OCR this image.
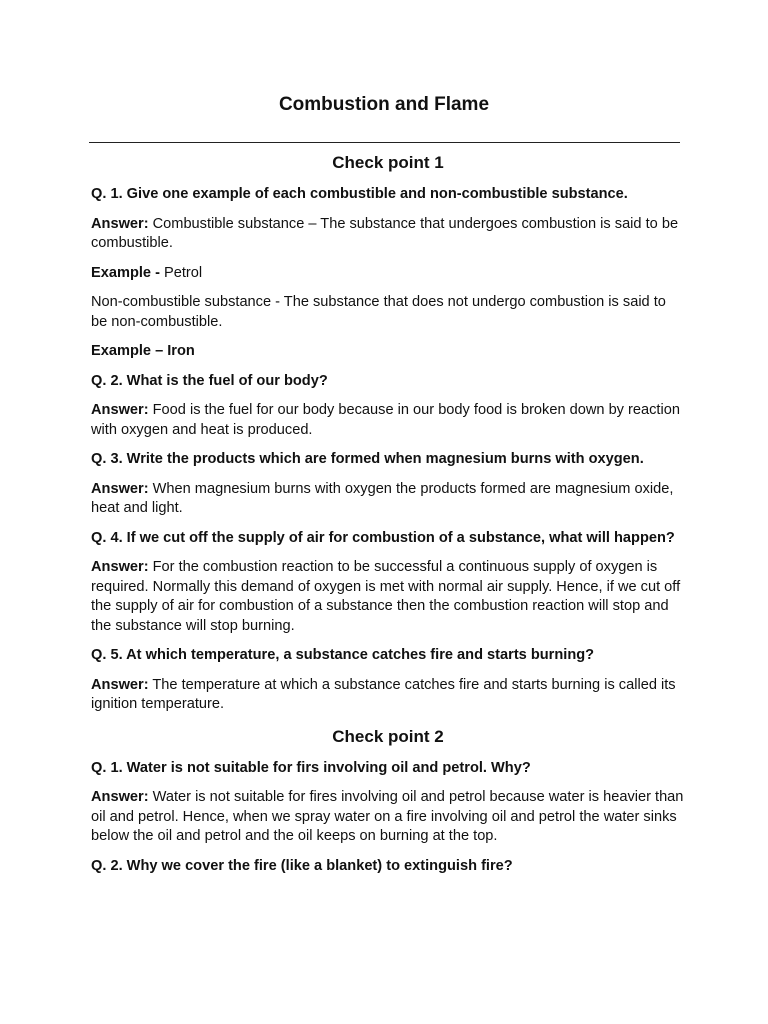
Combustion and Flame
Check point 1
Q. 1. Give one example of each combustible and non-combustible substance.
Answer: Combustible substance – The substance that undergoes combustion is said to be combustible.
Example - Petrol
Non-combustible substance - The substance that does not undergo combustion is said to be non-combustible.
Example – Iron
Q. 2. What is the fuel of our body?
Answer: Food is the fuel for our body because in our body food is broken down by reaction with oxygen and heat is produced.
Q. 3. Write the products which are formed when magnesium burns with oxygen.
Answer: When magnesium burns with oxygen the products formed are magnesium oxide, heat and light.
Q. 4. If we cut off the supply of air for combustion of a substance, what will happen?
Answer: For the combustion reaction to be successful a continuous supply of oxygen is required. Normally this demand of oxygen is met with normal air supply. Hence, if we cut off the supply of air for combustion of a substance then the combustion reaction will stop and the substance will stop burning.
Q. 5. At which temperature, a substance catches fire and starts burning?
Answer: The temperature at which a substance catches fire and starts burning is called its ignition temperature.
Check point 2
Q. 1. Water is not suitable for firs involving oil and petrol. Why?
Answer: Water is not suitable for fires involving oil and petrol because water is heavier than oil and petrol. Hence, when we spray water on a fire involving oil and petrol the water sinks below the oil and petrol and the oil keeps on burning at the top.
Q. 2. Why we cover the fire (like a blanket) to extinguish fire?
